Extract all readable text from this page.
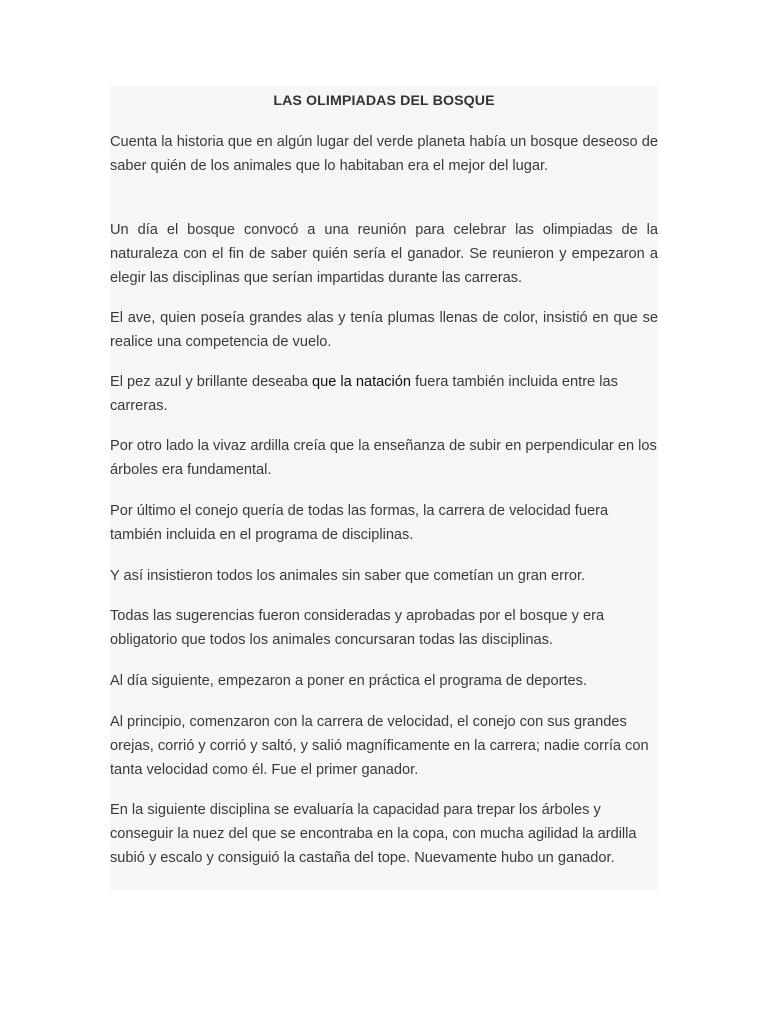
LAS OLIMPIADAS DEL BOSQUE

Cuenta la historia que en algún lugar del verde planeta había un bosque deseoso de saber quién de los animales que lo habitaban era el mejor del lugar.

Un día el bosque convocó a una reunión para celebrar las olimpiadas de la naturaleza con el fin de saber quién sería el ganador. Se reunieron y empezaron a elegir las disciplinas que serían impartidas durante las carreras.

El ave, quien poseía grandes alas y tenía plumas llenas de color, insistió en que se realice una competencia de vuelo.

El pez azul y brillante deseaba que la natación fuera también incluida entre las carreras.

Por otro lado la vivaz ardilla creía que la enseñanza de subir en perpendicular en los árboles era fundamental.

Por último el conejo quería de todas las formas, la carrera de velocidad fuera también incluida en el programa de disciplinas.

Y así insistieron todos los animales sin saber que cometían un gran error.

Todas las sugerencias fueron consideradas y aprobadas por el bosque y era obligatorio que todos los animales concursaran todas las disciplinas.

Al día siguiente, empezaron a poner en práctica el programa de deportes.

Al principio, comenzaron con la carrera de velocidad, el conejo con sus grandes orejas, corrió y corrió y saltó, y salió magníficamente en la carrera; nadie corría con tanta velocidad como él. Fue el primer ganador.

En la siguiente disciplina se evaluaría la capacidad para trepar los árboles y conseguir la nuez del que se encontraba en la copa, con mucha agilidad la ardilla subió y escalo y consiguió la castaña del tope. Nuevamente hubo un ganador.
